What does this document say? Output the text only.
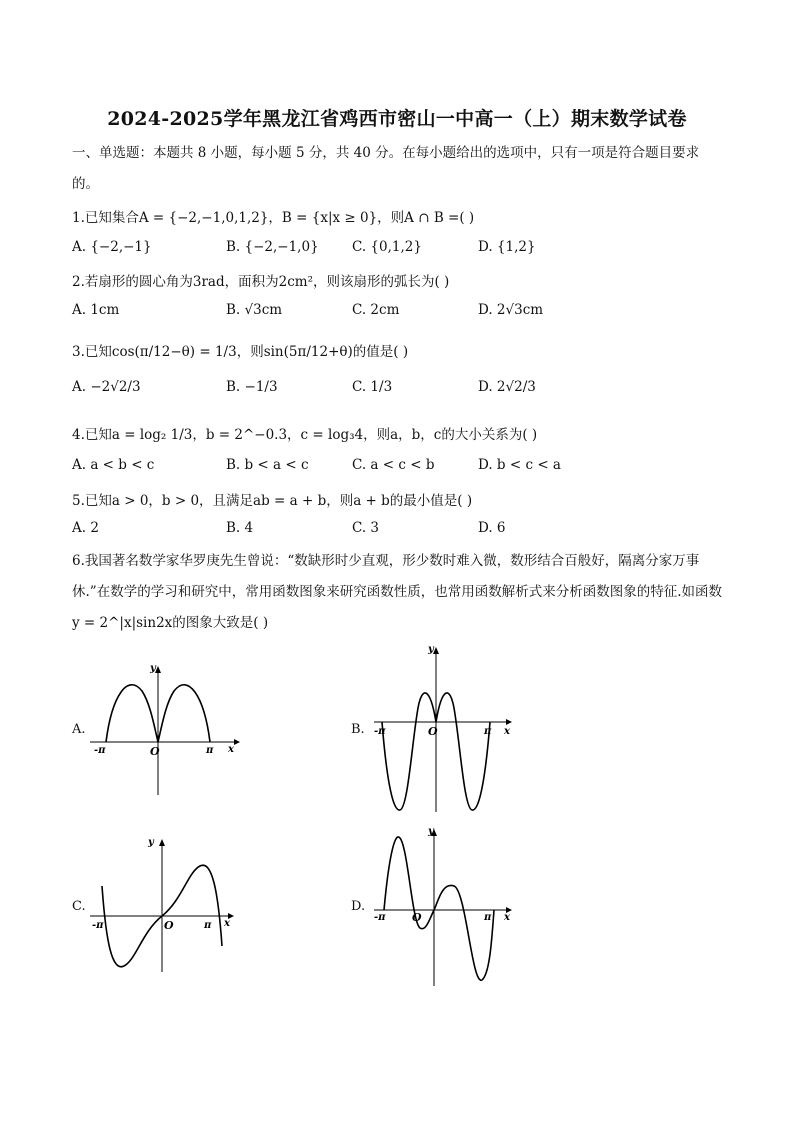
2024-2025学年黑龙江省鸡西市密山一中高一（上）期末数学试卷
一、单选题：本题共 8 小题，每小题 5 分，共 40 分。在每小题给出的选项中，只有一项是符合题目要求的。
1.已知集合A = {−2,−1,0,1,2}，B = {x|x ≥ 0}，则A ∩ B =( )
A. {−2,−1}	B. {−2,−1,0} C. {0,1,2}	D. {1,2}
2.若扇形的圆心角为3rad，面积为2cm²，则该扇形的弧长为( )
A. 1cm	B. √3cm	C. 2cm	D. 2√3cm
3.已知cos(π/12−θ) = 1/3，则sin(5π/12+θ)的值是( )
A. −2√2/3	B. −1/3	C. 1/3	D. 2√2/3
4.已知a = log₂ 1/3，b = 2^−0.3，c = log₃4，则a，b，c的大小关系为( )
A. a < b < c	B. b < a < c	C. a < c < b	D. b < c < a
5.已知a > 0，b > 0，且满足ab = a + b，则a + b的最小值是( )
A. 2	B. 4	C. 3	D. 6
6.我国著名数学家华罗庚先生曾说：“数缺形时少直观，形少数时难入微，数形结合百般好，隔离分家万事休.”在数学的学习和研究中，常用函数图象来研究函数性质，也常用函数解析式来分析函数图象的特征.如函数y = 2^|x|sin2x的图象大致是( )
A.	B.
C.	D.
y
x
O
-π	π
y
x
O
-π	π
y
x
O
-π	π
y
x
O
-π	π
